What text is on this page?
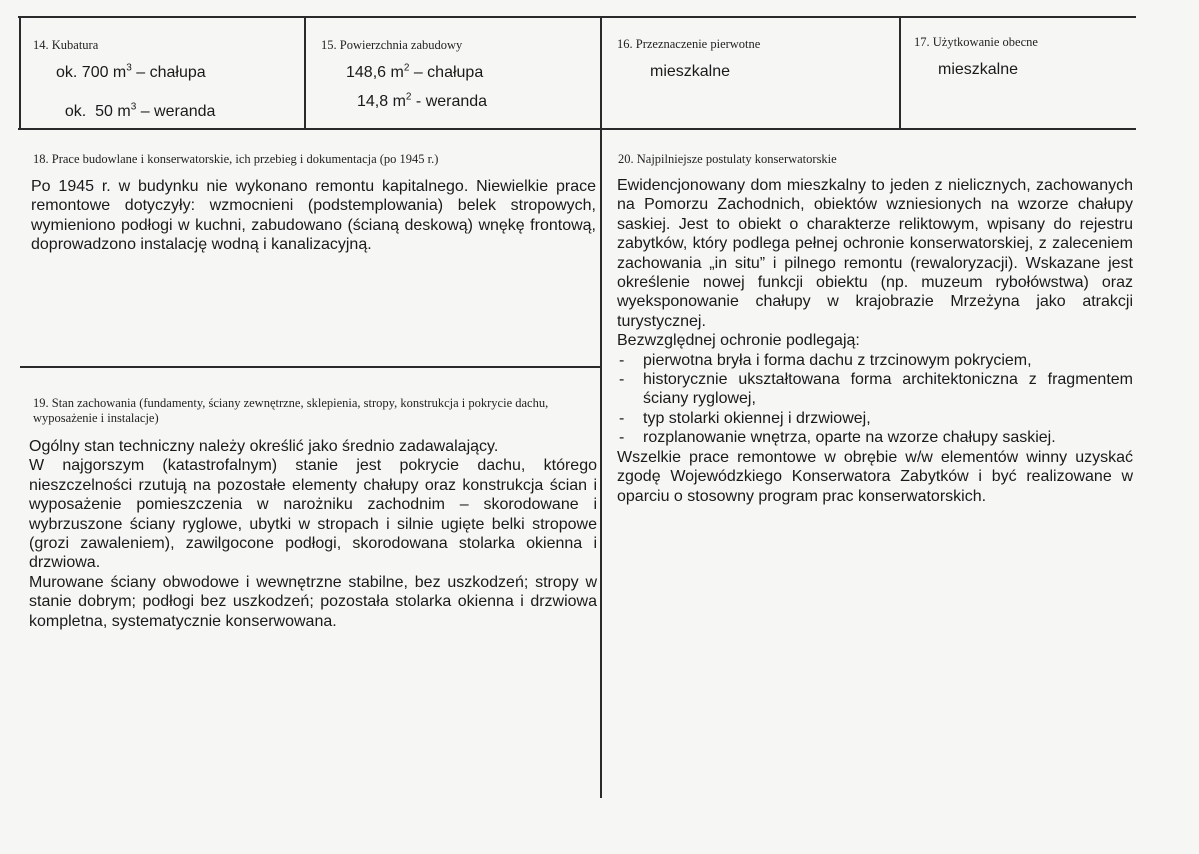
14. Kubatura
ok. 700 $m^3$ – chałupa

ok.  50 $m^3$ – weranda

15. Powierzchnia zabudowy
148,6 $m^2$ – chałupa
14,8 $m^2$ - weranda
16. Przeznaczenie pierwotne
mieszkalne
17. Użytkowanie obecne
mieszkalne
18. Prace budowlane i konserwatorskie, ich przebieg i dokumentacja (po 1945 r.)
Po 1945 r. w budynku nie wykonano remontu kapitalnego. Niewielkie prace remontowe dotyczyły: wzmocnieni (podstemplowania) belek stropowych, wymieniono podłogi w kuchni, zabudowano (ścianą deskową) wnękę frontową, doprowadzono instalację wodną i kanalizacyjną.
19. Stan zachowania (fundamenty, ściany zewnętrzne, sklepienia, stropy, konstrukcja i pokrycie dachu, wyposażenie i instalacje)

Ogólny stan techniczny należy określić jako średnio zadawalający.

W najgorszym (katastrofalnym) stanie jest pokrycie dachu, którego nieszczelności rzutują na pozostałe elementy chałupy oraz konstrukcja ścian i wyposażenie pomieszczenia w narożniku zachodnim – skorodowane i wybrzuszone ściany ryglowe, ubytki w stropach i silnie ugięte belki stropowe (grozi zawaleniem), zawilgocone podłogi, skorodowana stolarka okienna i drzwiowa.

Murowane ściany obwodowe i wewnętrzne stabilne, bez uszkodzeń; stropy w stanie dobrym; podłogi bez uszkodzeń; pozostała stolarka okienna i drzwiowa kompletna, systematycznie konserwowana.

20. Najpilniejsze postulaty konserwatorskie

Ewidencjonowany dom mieszkalny to jeden z nielicznych, zachowanych na Pomorzu Zachodnich, obiektów wzniesionych na wzorze chałupy saskiej. Jest to obiekt o charakterze reliktowym, wpisany do rejestru zabytków, który podlega pełnej ochronie konserwatorskiej, z zaleceniem zachowania „in situ” i pilnego remontu (rewaloryzacji). Wskazane jest określenie nowej funkcji obiektu (np. muzeum rybołówstwa) oraz wyeksponowanie chałupy w krajobrazie Mrzeżyna jako atrakcji turystycznej.

Bezwzględnej ochronie podlegają:

- pierwotna bryła i forma dachu z trzcinowym pokryciem,
- historycznie ukształtowana forma architektoniczna z fragmentem ściany ryglowej,
- typ stolarki okiennej i drzwiowej,
- rozplanowanie wnętrza, oparte na wzorze chałupy saskiej.

Wszelkie prace remontowe w obrębie w/w elementów winny uzyskać zgodę Wojewódzkiego Konserwatora Zabytków i być realizowane w oparciu o stosowny program prac konserwatorskich.
